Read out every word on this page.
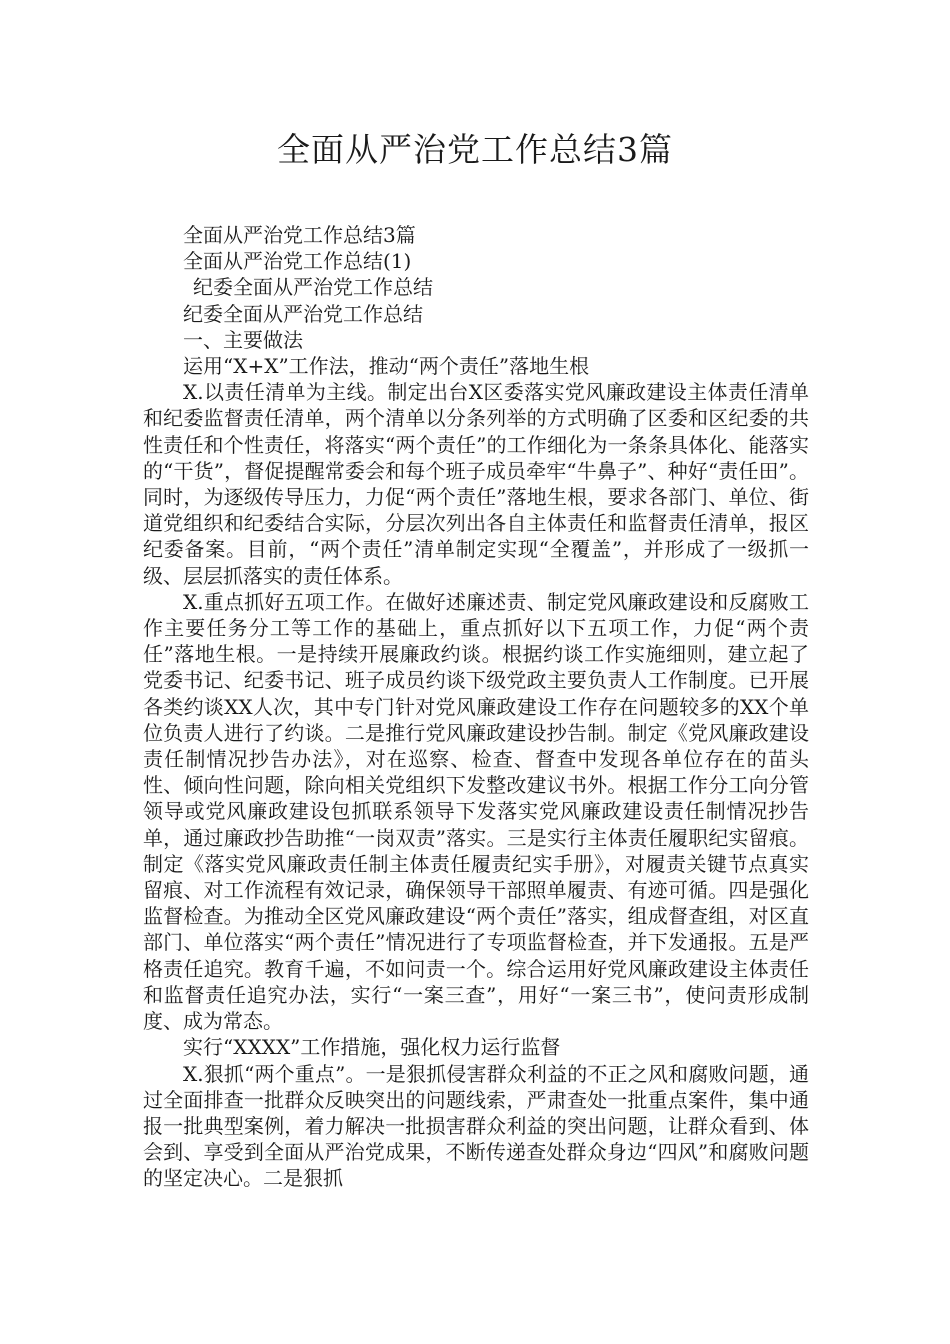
全面从严治党工作总结3篇

全面从严治党工作总结3篇

全面从严治党工作总结(1)

纪委全面从严治党工作总结

纪委全面从严治党工作总结

一、主要做法

运用“X+X”工作法，推动“两个责任”落地生根

X.以责任清单为主线。制定出台X区委落实党风廉政建设主体责任清单和纪委监督责任清单，两个清单以分条列举的方式明确了区委和区纪委的共性责任和个性责任，将落实“两个责任”的工作细化为一条条具体化、能落实的“干货”，督促提醒常委会和每个班子成员牵牢“牛鼻子”、种好“责任田”。同时，为逐级传导压力，力促“两个责任”落地生根，要求各部门、单位、街道党组织和纪委结合实际，分层次列出各自主体责任和监督责任清单，报区纪委备案。目前，“两个责任”清单制定实现“全覆盖”，并形成了一级抓一级、层层抓落实的责任体系。

X.重点抓好五项工作。在做好述廉述责、制定党风廉政建设和反腐败工作主要任务分工等工作的基础上，重点抓好以下五项工作，力促“两个责任”落地生根。一是持续开展廉政约谈。根据约谈工作实施细则，建立起了党委书记、纪委书记、班子成员约谈下级党政主要负责人工作制度。已开展各类约谈XX人次，其中专门针对党风廉政建设工作存在问题较多的XX个单位负责人进行了约谈。二是推行党风廉政建设抄告制。制定《党风廉政建设责任制情况抄告办法》，对在巡察、检查、督查中发现各单位存在的苗头性、倾向性问题，除向相关党组织下发整改建议书外。根据工作分工向分管领导或党风廉政建设包抓联系领导下发落实党风廉政建设责任制情况抄告单，通过廉政抄告助推“一岗双责”落实。三是实行主体责任履职纪实留痕。制定《落实党风廉政责任制主体责任履责纪实手册》，对履责关键节点真实留痕、对工作流程有效记录，确保领导干部照单履责、有迹可循。四是强化监督检查。为推动全区党风廉政建设“两个责任”落实，组成督查组，对区直部门、单位落实“两个责任”情况进行了专项监督检查，并下发通报。五是严格责任追究。教育千遍，不如问责一个。综合运用好党风廉政建设主体责任和监督责任追究办法，实行“一案三查”，用好“一案三书”，使问责形成制度、成为常态。

实行“XXXX”工作措施，强化权力运行监督

X.狠抓“两个重点”。一是狠抓侵害群众利益的不正之风和腐败问题，通过全面排查一批群众反映突出的问题线索，严肃查处一批重点案件，集中通报一批典型案例，着力解决一批损害群众利益的突出问题，让群众看到、体会到、享受到全面从严治党成果，不断传递查处群众身边“四风”和腐败问题的坚定决心。二是狠抓
